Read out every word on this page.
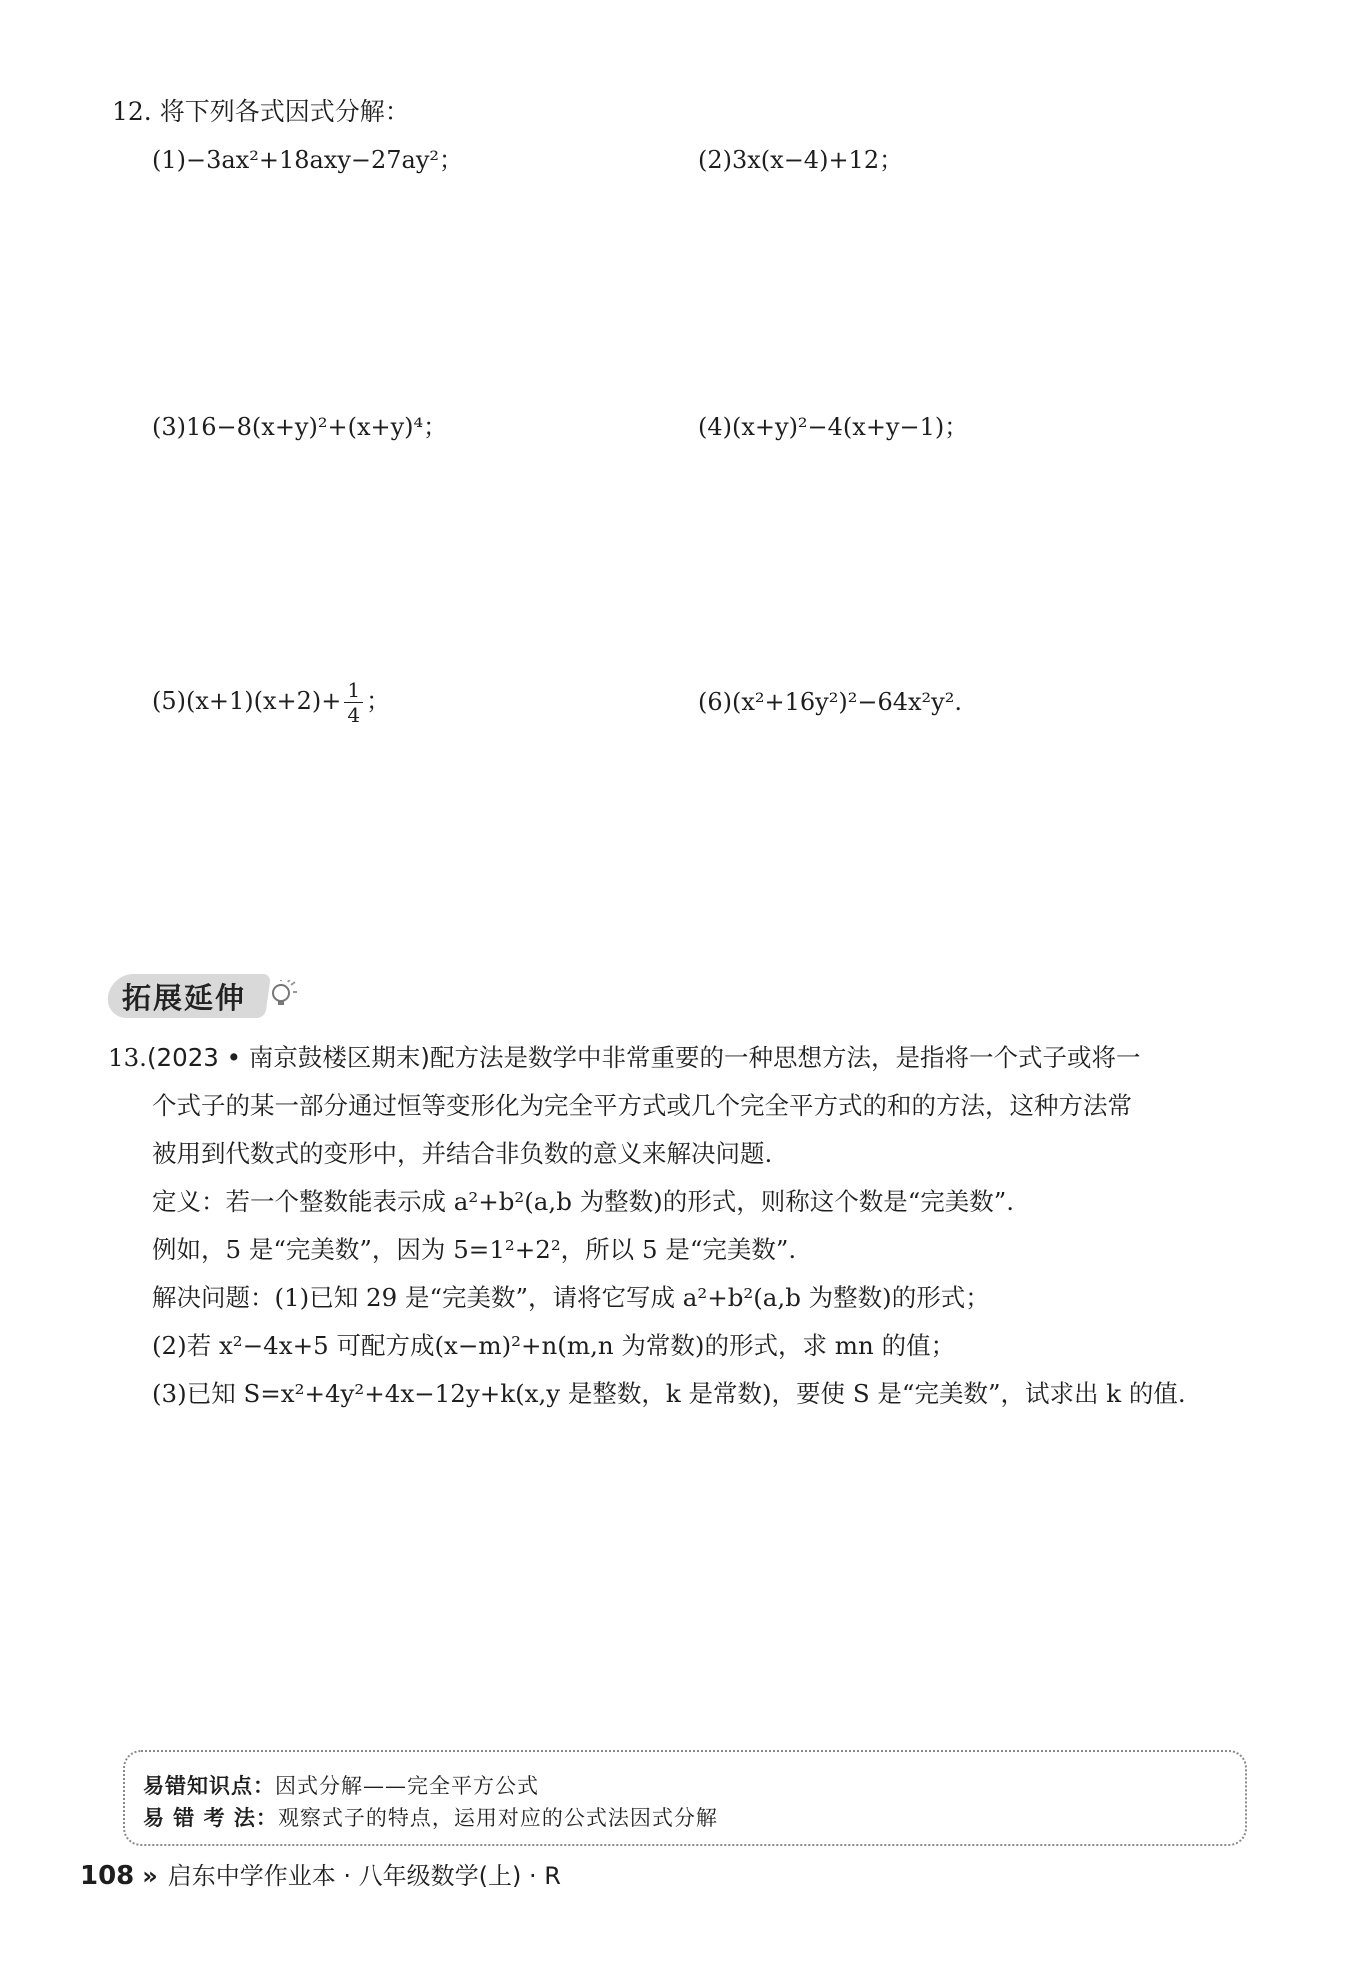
12. 将下列各式因式分解：
(1)−3ax²+18axy−27ay²；	(2)3x(x−4)+12；
(3)16−8(x+y)²+(x+y)⁴；	(4)(x+y)²−4(x+y−1)；
$(5)(x+1)(x+2)+ \frac{1}{4}$ ；	(6)(x²+16y²)²−64x²y².
拓展延伸
13.(2023 • 南京鼓楼区期末)配方法是数学中非常重要的一种思想方法，是指将一个式子或将一
个式子的某一部分通过恒等变形化为完全平方式或几个完全平方式的和的方法，这种方法常
被用到代数式的变形中，并结合非负数的意义来解决问题.
定义：若一个整数能表示成 a²+b²(a,b 为整数)的形式，则称这个数是“完美数”.
例如，5 是“完美数”，因为 5=1²+2²，所以 5 是“完美数”.
解决问题：(1)已知 29 是“完美数”，请将它写成 a²+b²(a,b 为整数)的形式；
(2)若 x²−4x+5 可配方成(x−m)²+n(m,n 为常数)的形式，求 mn 的值；
(3)已知 S=x²+4y²+4x−12y+k(x,y 是整数，k 是常数)，要使 S 是“完美数”，试求出 k 的值.
易错知识点：因式分解——完全平方公式
易 错 考 法：观察式子的特点，运用对应的公式法因式分解
108 » 启东中学作业本 · 八年级数学(上) · R
